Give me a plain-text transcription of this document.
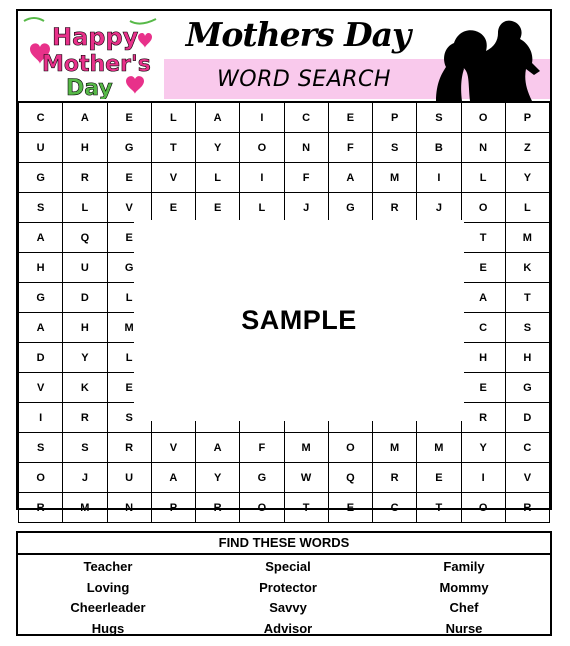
Happy
Mother's
Day
Mothers Day
WORD SEARCH
C	A	E	L	A	I	C	E	P	S	O	P
U	H	G	T	Y	O	N	F	S	B	N	Z
G	R	E	V	L	I	F	A	M	I	L	Y
S	L	V	E	E	L	J	G	R	J	O	L
A	Q	E								T	M
H	U	G								E	K
G	D	L								A	T
A	H	M								C	S
D	Y	L								H	H
V	K	E								E	G
I	R	S								R	D
S	S	R	V	A	F	M	O	M	M	Y	C
O	J	U	A	Y	G	W	Q	R	E	I	V
R	M	N	P	R	O	T	E	C	T	O	R
SAMPLE
FIND THESE WORDS
Teacher	Special	Family
Loving	Protector	Mommy
Cheerleader	Savvy	Chef
Hugs	Advisor	Nurse
